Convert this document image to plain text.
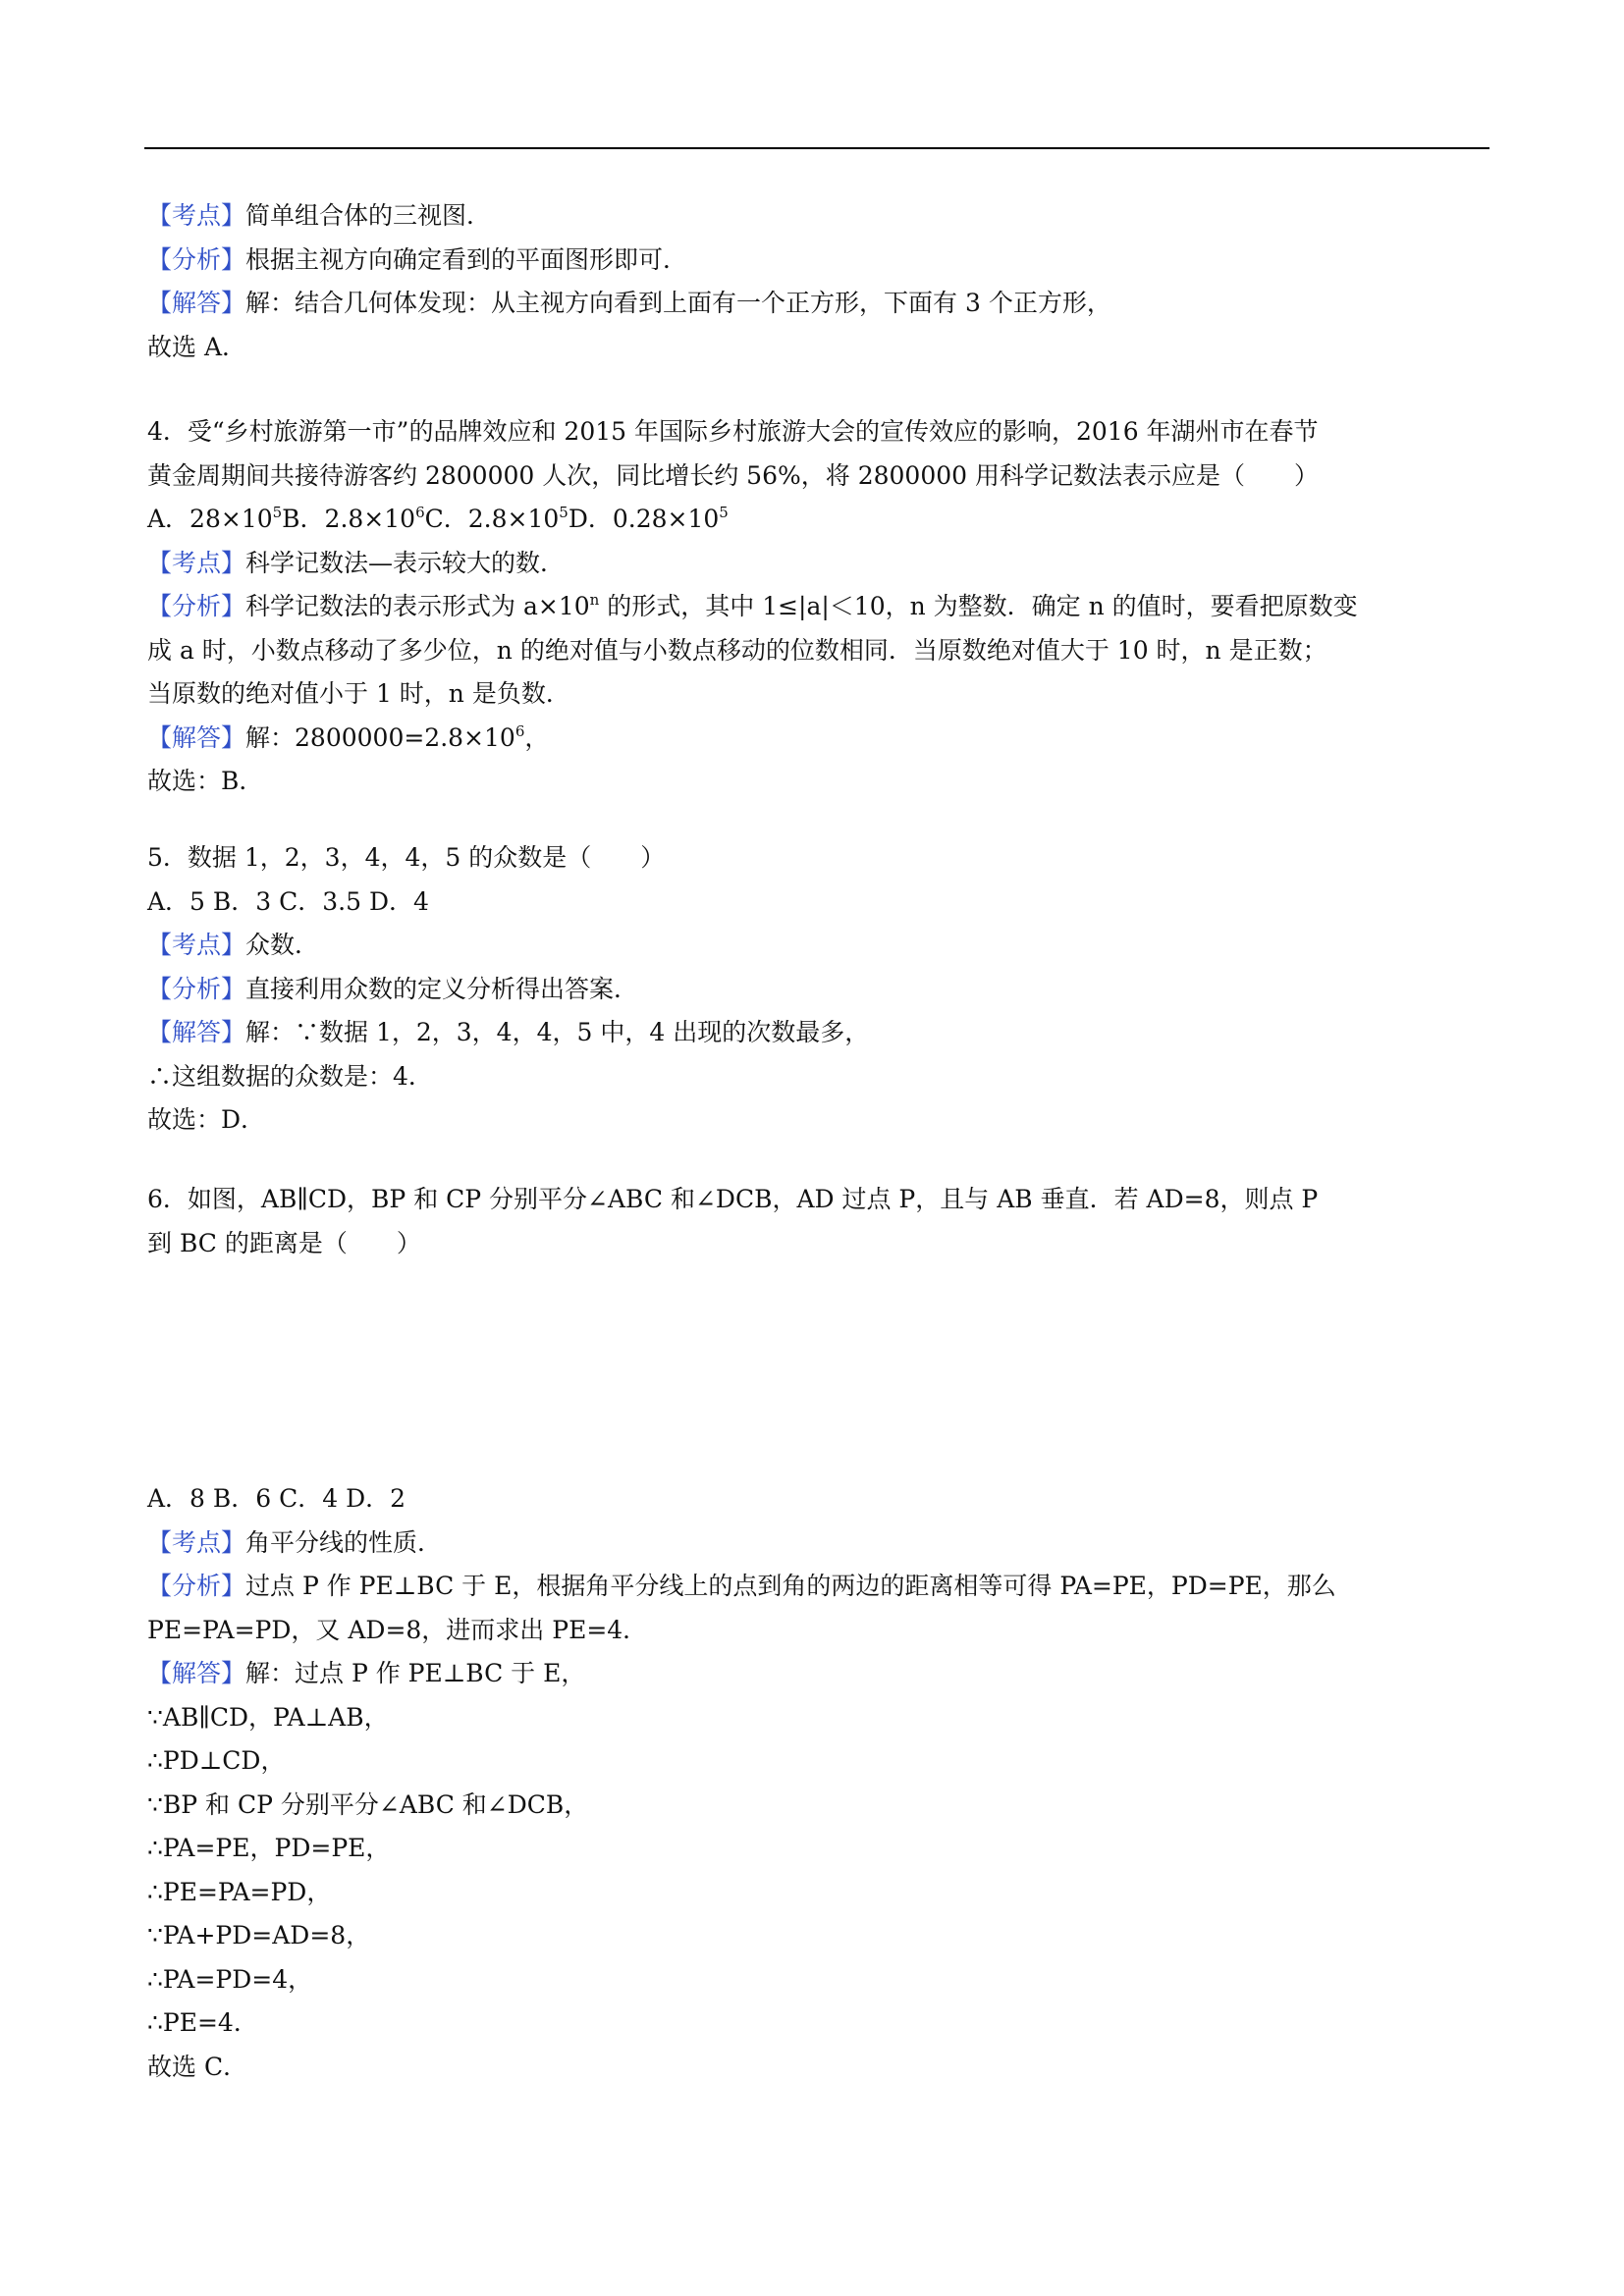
【考点】简单组合体的三视图．
【分析】根据主视方向确定看到的平面图形即可．
【解答】解：结合几何体发现：从主视方向看到上面有一个正方形，下面有 3 个正方形，
故选 A．
4．受“乡村旅游第一市”的品牌效应和 2015 年国际乡村旅游大会的宣传效应的影响，2016 年湖州市在春节
黄金周期间共接待游客约 2800000 人次，同比增长约 56%，将 2800000 用科学记数法表示应是（　　）
A．$28\times 10^5B$．$2.8\times 10^6C$．$2.8\times 10^5D$．$0.28\times 10^5$
【考点】科学记数法—表示较大的数．
【分析】科学记数法的表示形式为 $a\times 10^n$ 的形式，其中 1≤|a|＜10，n 为整数．确定 n 的值时，要看把原数变
成 a 时，小数点移动了多少位，n 的绝对值与小数点移动的位数相同．当原数绝对值大于 10 时，n 是正数；
当原数的绝对值小于 1 时，n 是负数．
【解答】解：$2800000=2.8\times 10^6$，
故选：B．
5．数据 1，2，3，4，4，5 的众数是（　　）
A．5 B．3 C．3.5 D．4
【考点】众数．
【分析】直接利用众数的定义分析得出答案．
【解答】解：∵数据 1，2，3，4，4，5 中，4 出现的次数最多，
∴这组数据的众数是：4．
故选：D．
6．如图，AB∥CD，BP 和 CP 分别平分∠ABC 和∠DCB，AD 过点 P，且与 AB 垂直．若 AD=8，则点 P
到 BC 的距离是（　　）
A．8 B．6 C．4 D．2
【考点】角平分线的性质．
【分析】过点 P 作 PE⊥BC 于 E，根据角平分线上的点到角的两边的距离相等可得 PA=PE，PD=PE，那么
PE=PA=PD，又 AD=8，进而求出 PE=4．
【解答】解：过点 P 作 PE⊥BC 于 E，
∵AB∥CD，PA⊥AB，
∴PD⊥CD，
∵BP 和 CP 分别平分∠ABC 和∠DCB，
∴PA=PE，PD=PE，
∴PE=PA=PD，
∵PA+PD=AD=8，
∴PA=PD=4，
∴PE=4．
故选 C．
